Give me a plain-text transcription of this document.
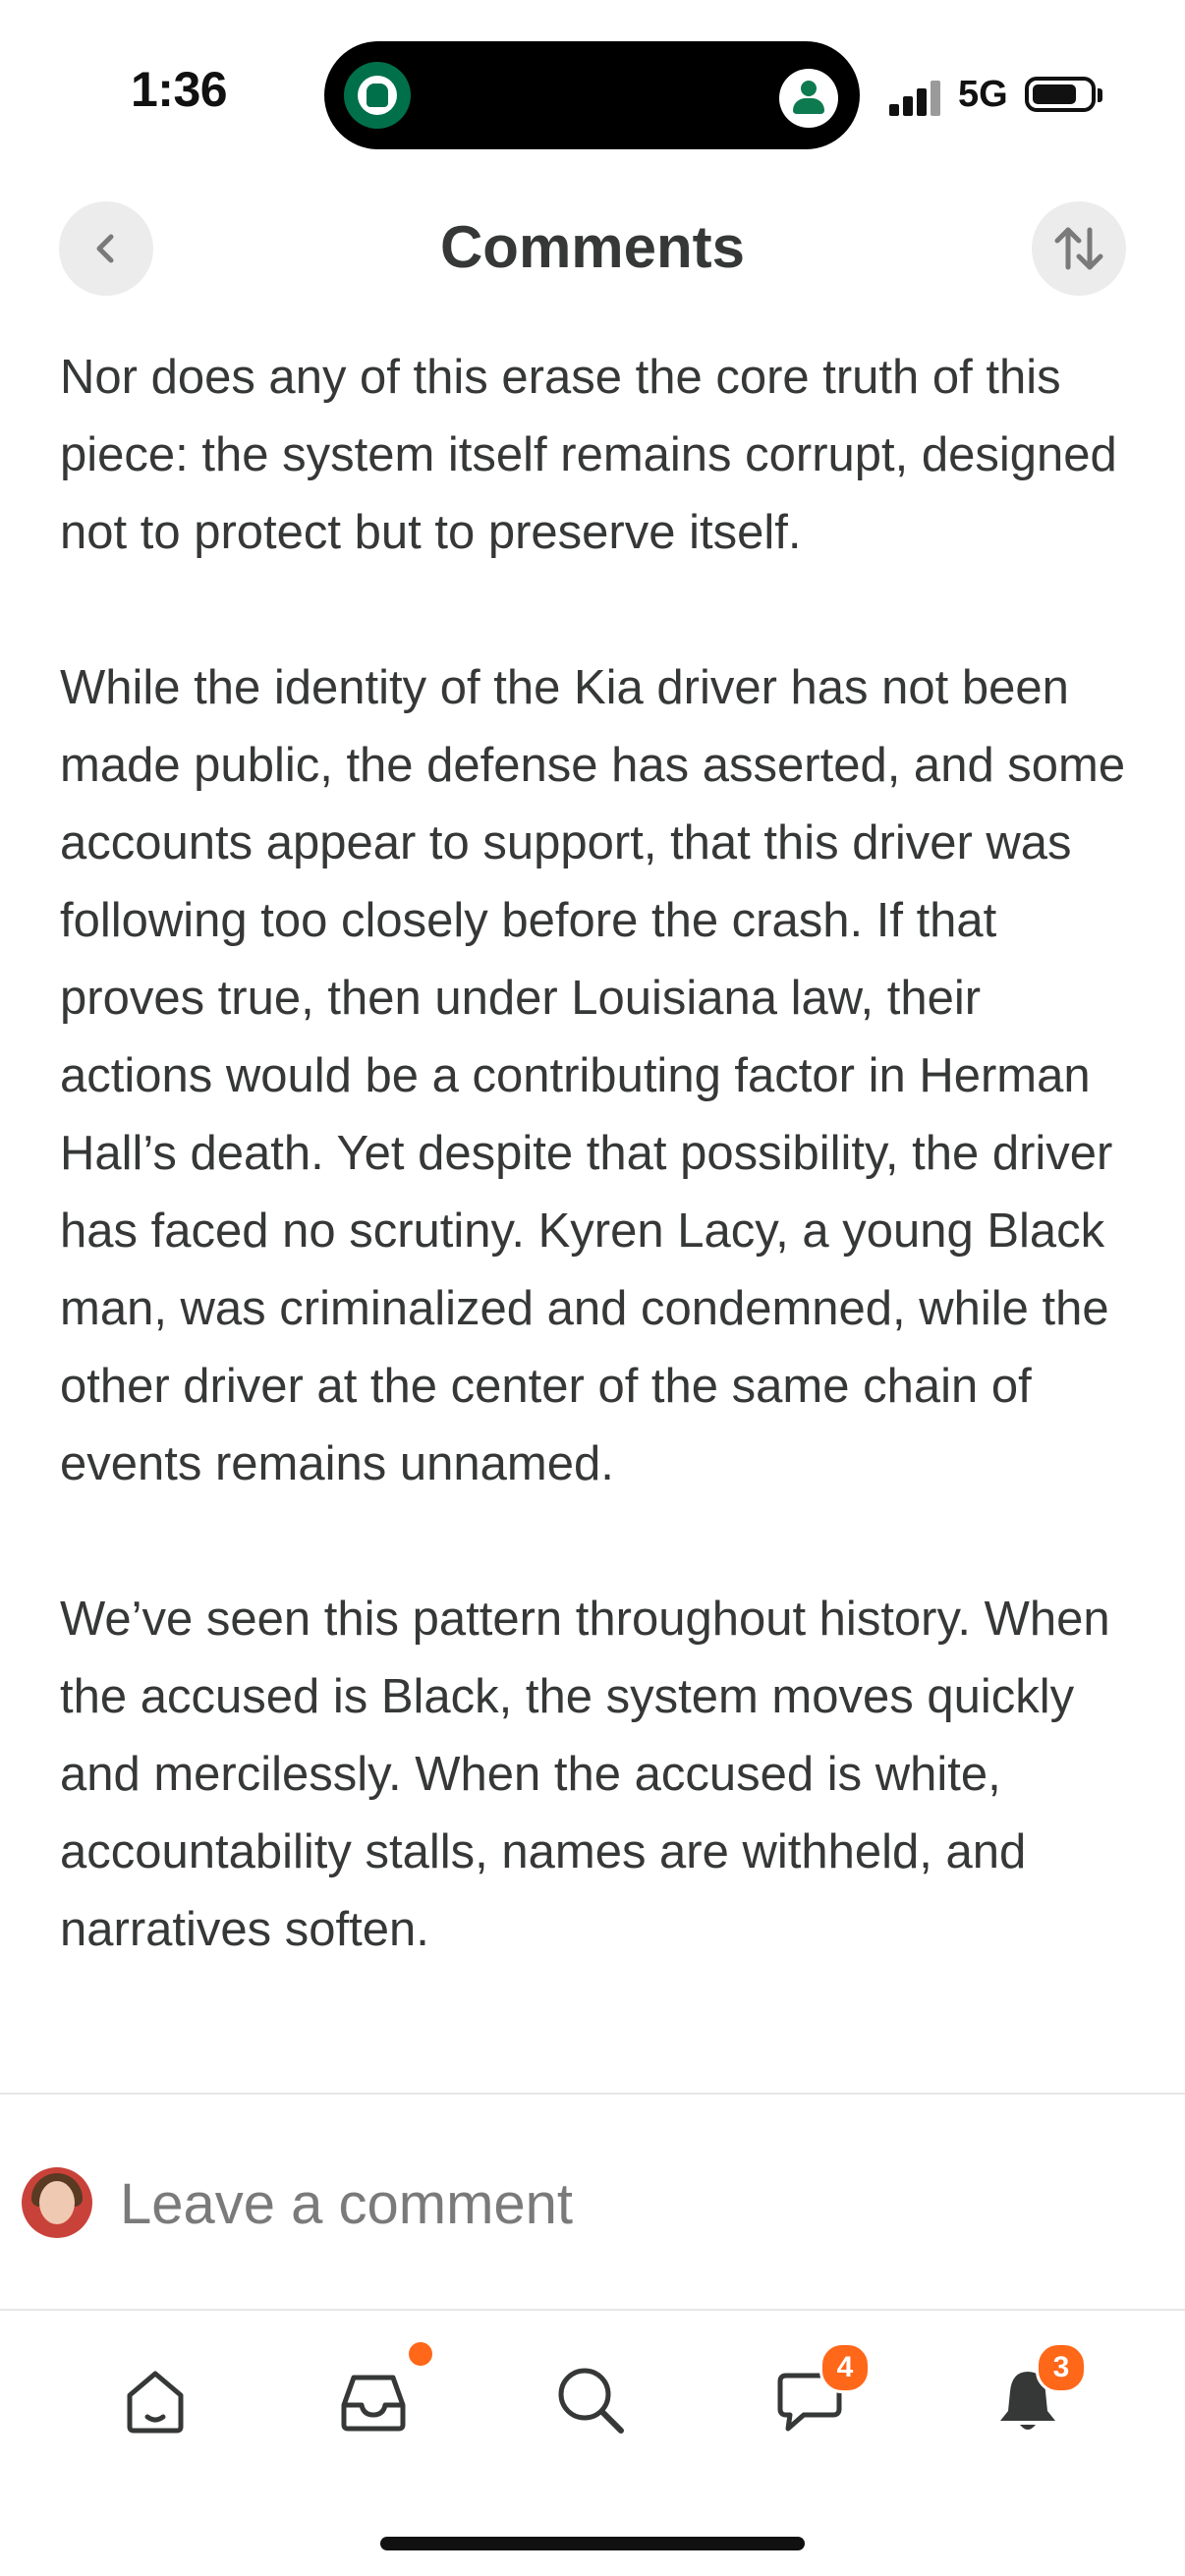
1:36	5G
Comments

Nor does any of this erase the core truth of this piece: the system itself remains corrupt, designed not to protect but to preserve itself.

While the identity of the Kia driver has not been made public, the defense has asserted, and some accounts appear to support, that this driver was following too closely before the crash. If that proves true, then under Louisiana law, their actions would be a contributing factor in Herman Hall’s death. Yet despite that possibility, the driver has faced no scrutiny. Kyren Lacy, a young Black man, was criminalized and condemned, while the other driver at the center of the same chain of events remains unnamed.

We’ve seen this pattern throughout history. When the accused is Black, the system moves quickly and mercilessly. When the accused is white, accountability stalls, names are withheld, and narratives soften.

Leave a comment
4	3
